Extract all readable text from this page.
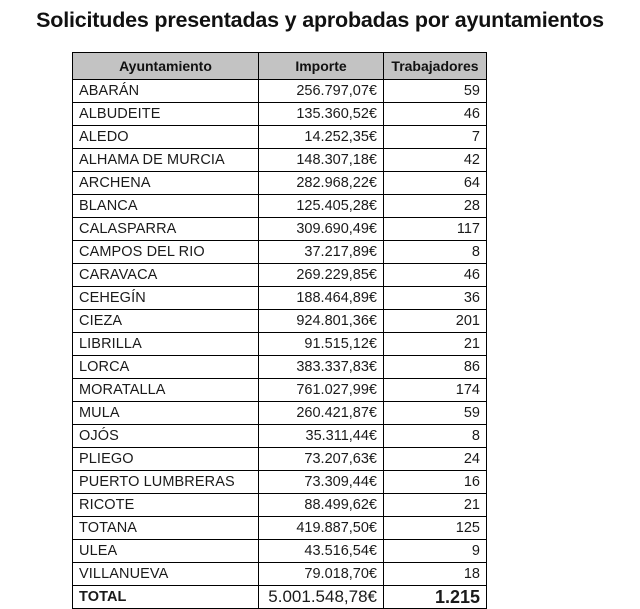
Solicitudes presentadas y aprobadas por ayuntamientos
Ayuntamiento	Importe	Trabajadores
ABARÁN	256.797,07€	59
ALBUDEITE	135.360,52€	46
ALEDO	14.252,35€	7
ALHAMA DE MURCIA	148.307,18€	42
ARCHENA	282.968,22€	64
BLANCA	125.405,28€	28
CALASPARRA	309.690,49€	117
CAMPOS DEL RIO	37.217,89€	8
CARAVACA	269.229,85€	46
CEHEGÍN	188.464,89€	36
CIEZA	924.801,36€	201
LIBRILLA	91.515,12€	21
LORCA	383.337,83€	86
MORATALLA	761.027,99€	174
MULA	260.421,87€	59
OJÓS	35.311,44€	8
PLIEGO	73.207,63€	24
PUERTO LUMBRERAS	73.309,44€	16
RICOTE	88.499,62€	21
TOTANA	419.887,50€	125
ULEA	43.516,54€	9
VILLANUEVA	79.018,70€	18
TOTAL	5.001.548,78€	1.215
